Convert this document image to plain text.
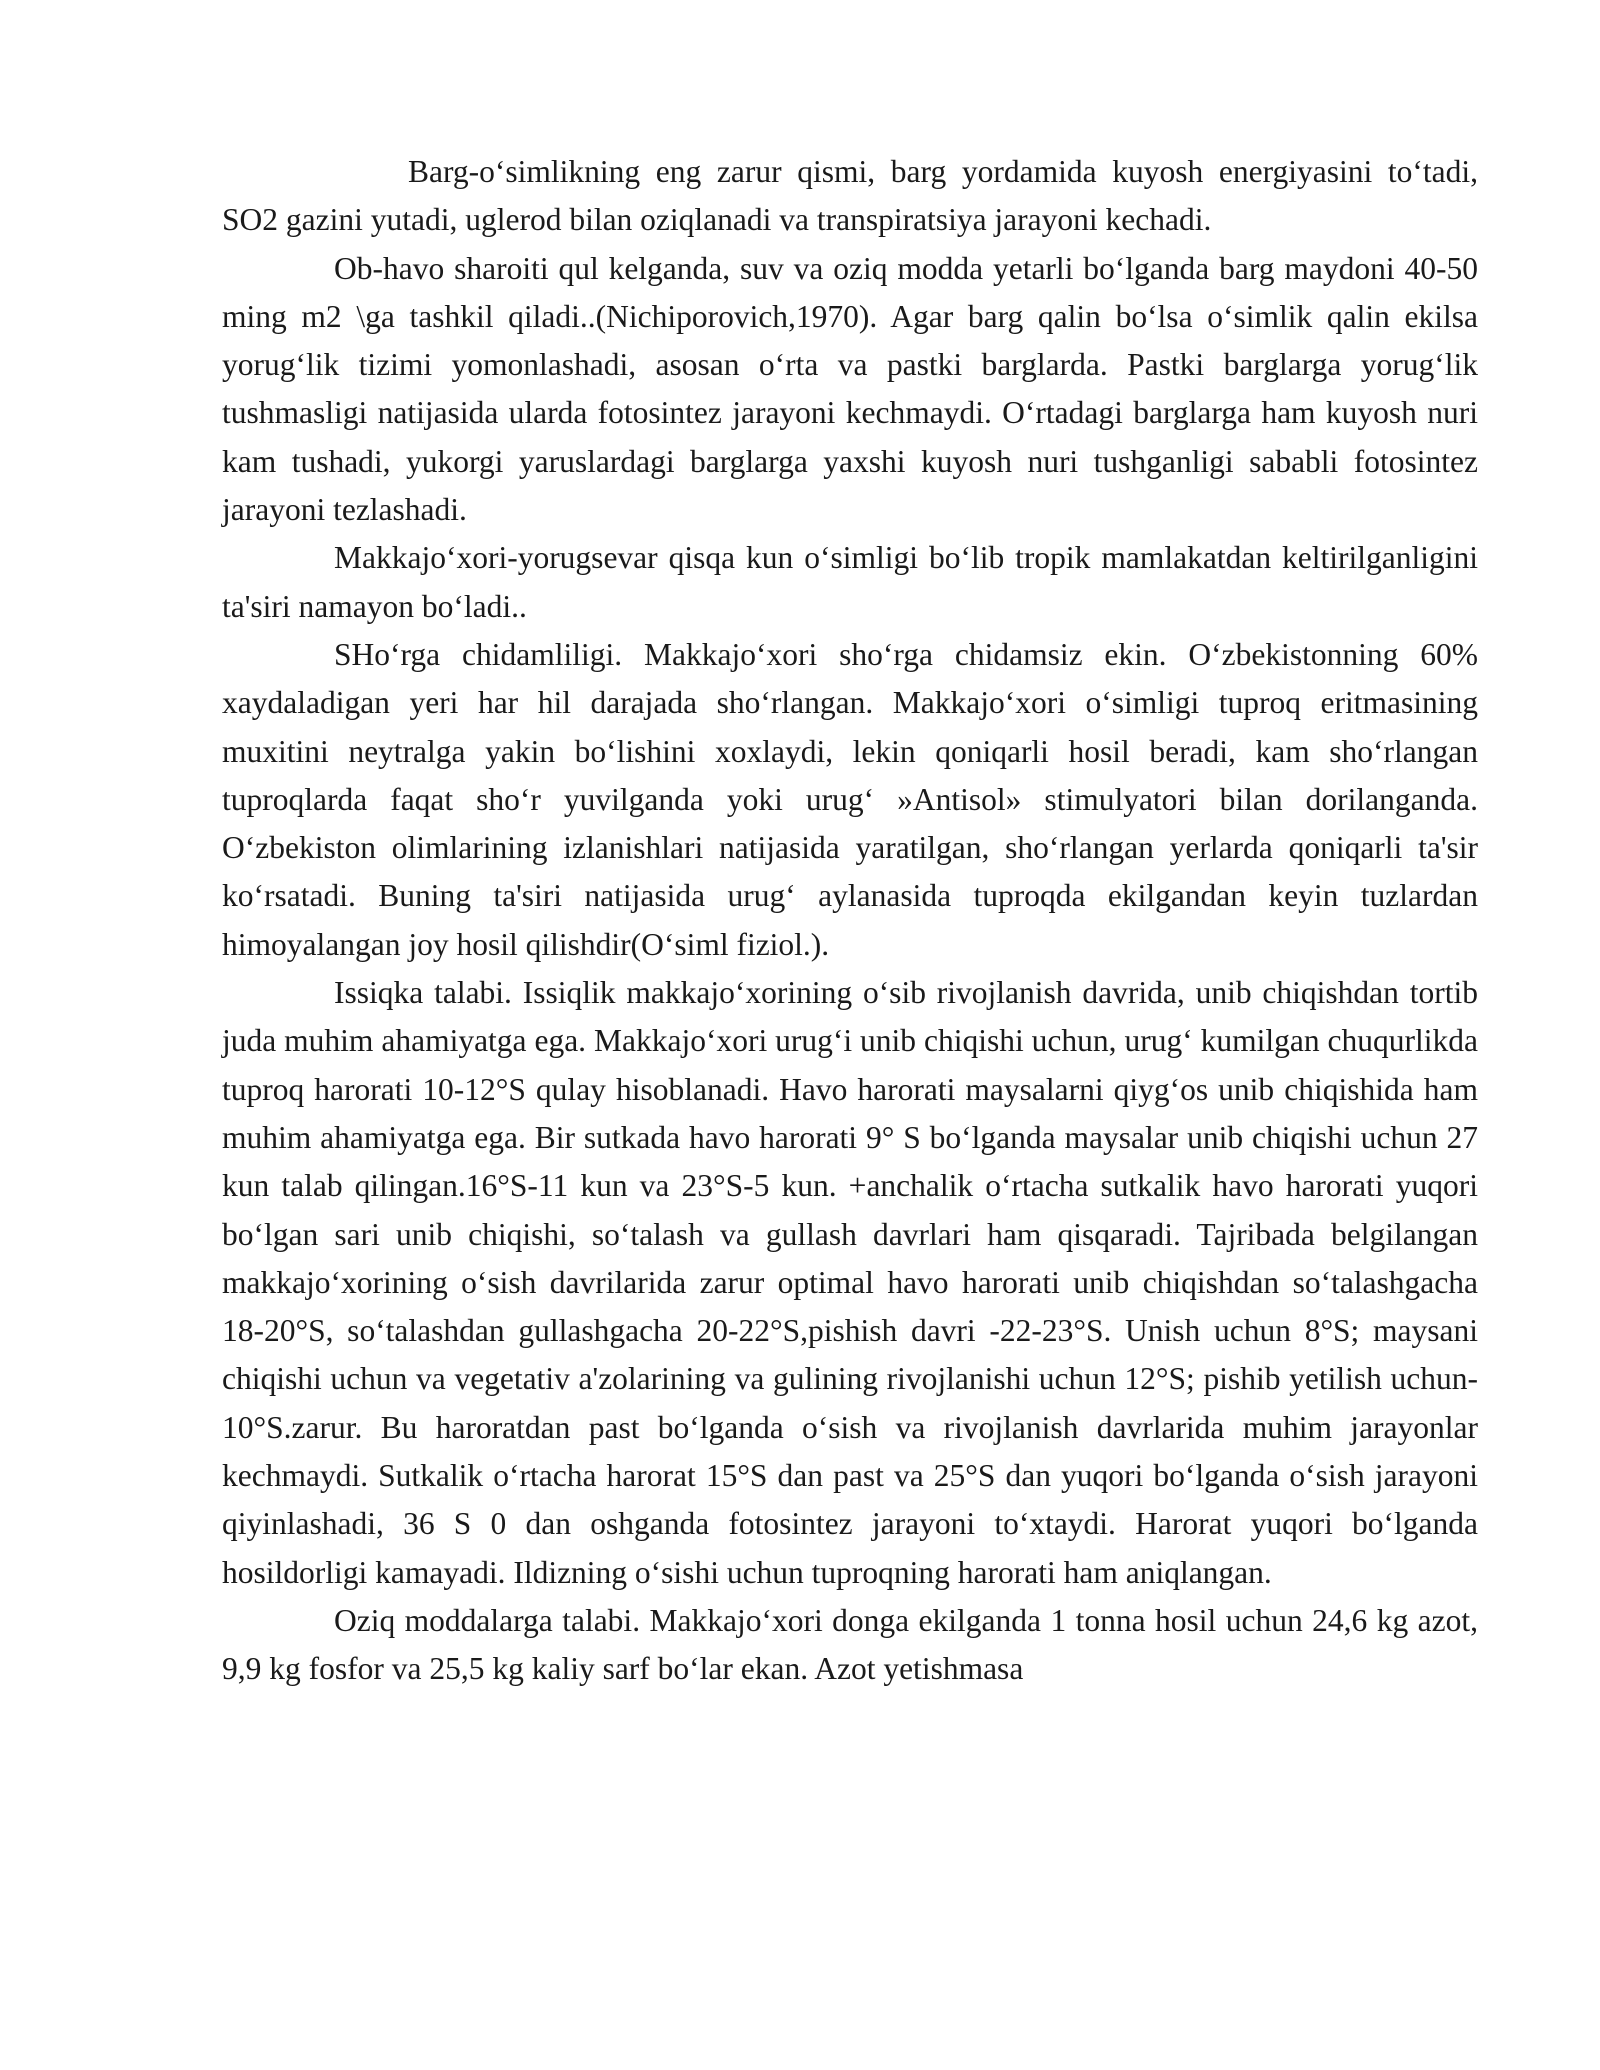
Barg-o‘simlikning eng zarur qismi, barg yordamida kuyosh energiyasini to‘tadi, SO2 gazini yutadi, uglerod bilan oziqlanadi va transpiratsiya jarayoni kechadi.

Ob-havo sharoiti qul kelganda, suv va oziq modda yetarli bo‘lganda barg maydoni 40-50 ming m2 \ga tashkil qiladi..(Nichiporovich,1970). Agar barg qalin bo‘lsa o‘simlik qalin ekilsa yorug‘lik tizimi yomonlashadi, asosan o‘rta va pastki barglarda. Pastki barglarga yorug‘lik tushmasligi natijasida ularda fotosintez jarayoni kechmaydi. O‘rtadagi barglarga ham kuyosh nuri kam tushadi, yukorgi yaruslardagi barglarga yaxshi kuyosh nuri tushganligi sababli fotosintez jarayoni tezlashadi.

Makkajo‘xori-yorugsevar qisqa kun o‘simligi bo‘lib tropik mamlakatdan keltirilganligini ta'siri namayon bo‘ladi..

SHo‘rga chidamliligi. Makkajo‘xori sho‘rga chidamsiz ekin. O‘zbekistonning 60% xaydaladigan yeri har hil darajada sho‘rlangan. Makkajo‘xori o‘simligi tuproq eritmasining muxitini neytralga yakin bo‘lishini xoxlaydi, lekin qoniqarli hosil beradi, kam sho‘rlangan tuproqlarda faqat sho‘r yuvilganda yoki urug‘ »Antisol» stimulyatori bilan dorilanganda. O‘zbekiston olimlarining izlanishlari natijasida yaratilgan, sho‘rlangan yerlarda qoniqarli ta'sir ko‘rsatadi. Buning ta'siri natijasida urug‘ aylanasida tuproqda ekilgandan keyin tuzlardan himoyalangan joy hosil qilishdir(O‘siml fiziol.).

Issiqka talabi. Issiqlik makkajo‘xorining o‘sib rivojlanish davrida, unib chiqishdan tortib juda muhim ahamiyatga ega. Makkajo‘xori urug‘i unib chiqishi uchun, urug‘ kumilgan chuqurlikda tuproq harorati 10-12°S qulay hisoblanadi. Havo harorati maysalarni qiyg‘os unib chiqishida ham muhim ahamiyatga ega. Bir sutkada havo harorati 9° S bo‘lganda maysalar unib chiqishi uchun 27 kun talab qilingan.16°S-11 kun va 23°S-5 kun. +anchalik o‘rtacha sutkalik havo harorati yuqori bo‘lgan sari unib chiqishi, so‘talash va gullash davrlari ham qisqaradi. Tajribada belgilangan makkajo‘xorining o‘sish davrilarida zarur optimal havo harorati unib chiqishdan so‘talashgacha 18-20°S, so‘talashdan gullashgacha 20-22°S,pishish davri -22-23°S. Unish uchun 8°S; maysani chiqishi uchun va vegetativ a'zolarining va gulining rivojlanishi uchun 12°S; pishib yetilish uchun-10°S.zarur. Bu haroratdan past bo‘lganda o‘sish va rivojlanish davrlarida muhim jarayonlar kechmaydi. Sutkalik o‘rtacha harorat 15°S dan past va 25°S dan yuqori bo‘lganda o‘sish jarayoni qiyinlashadi, 36 S 0 dan oshganda fotosintez jarayoni to‘xtaydi. Harorat yuqori bo‘lganda hosildorligi kamayadi. Ildizning o‘sishi uchun tuproqning harorati ham aniqlangan.

Oziq moddalarga talabi. Makkajo‘xori donga ekilganda 1 tonna hosil uchun 24,6 kg azot, 9,9 kg fosfor va 25,5 kg kaliy sarf bo‘lar ekan. Azot yetishmasa
